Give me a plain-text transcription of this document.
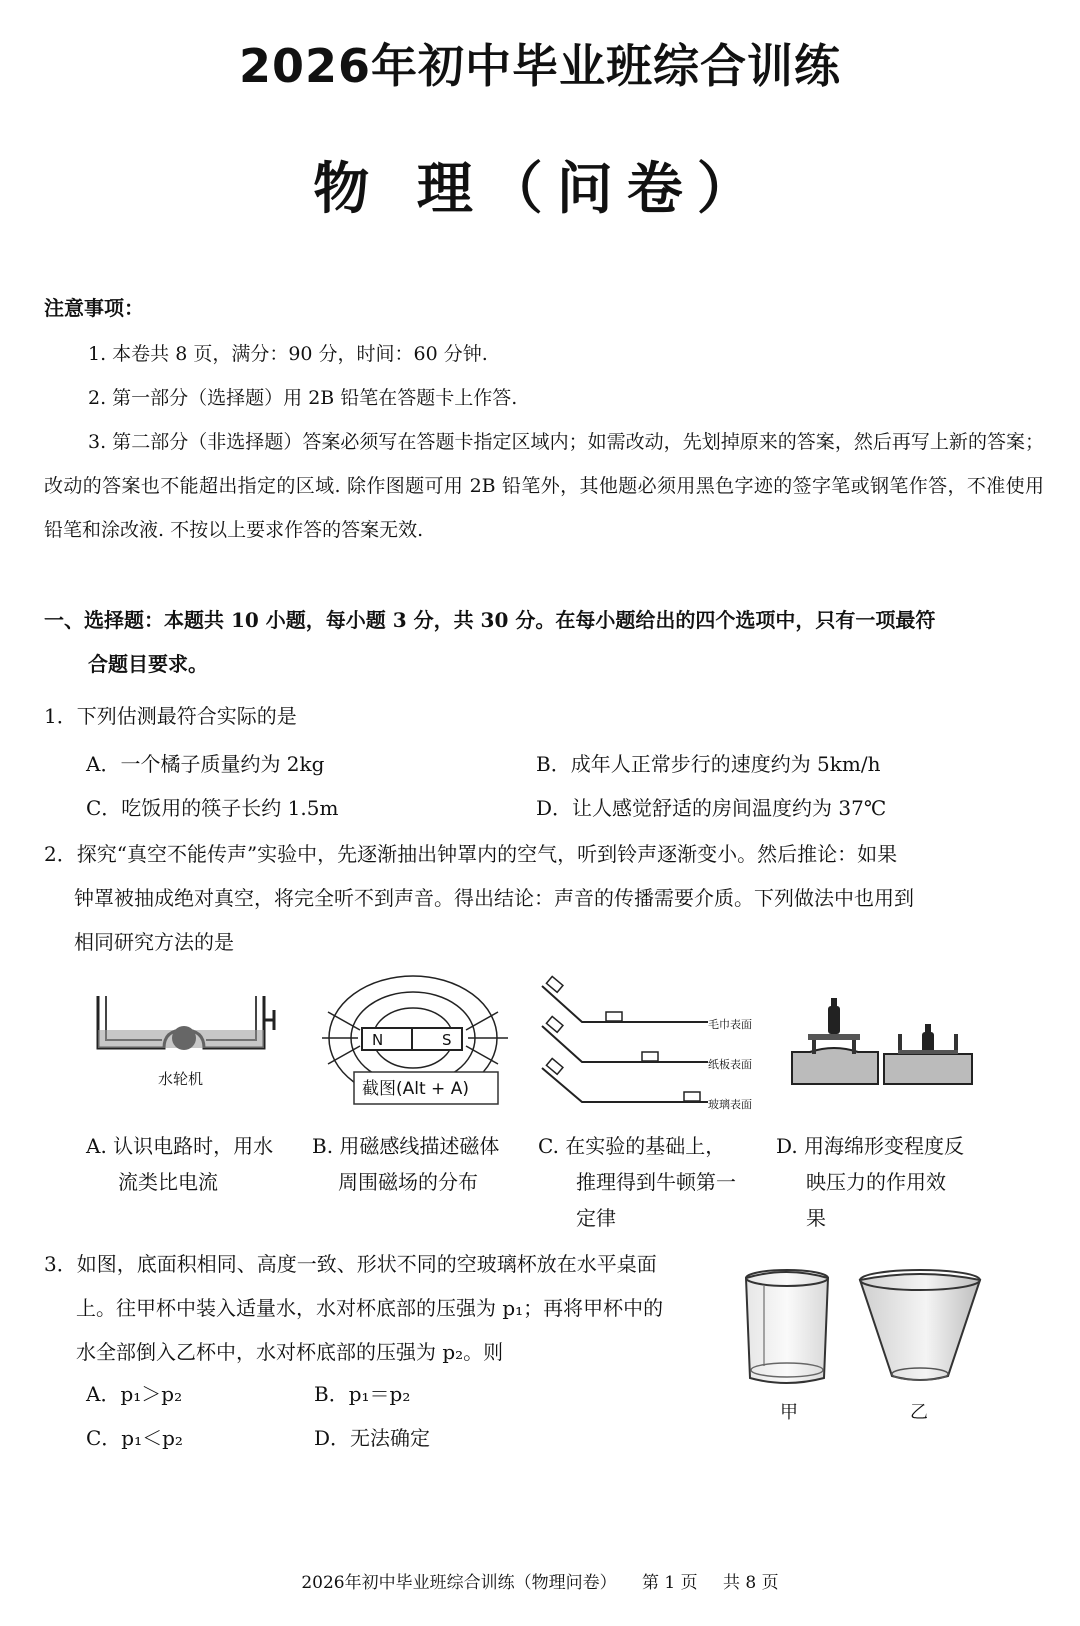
2026年初中毕业班综合训练
物 理（问卷）
注意事项：
1. 本卷共 8 页，满分：90 分，时间：60 分钟.
2. 第一部分（选择题）用 2B 铅笔在答题卡上作答.
3. 第二部分（非选择题）答案必须写在答题卡指定区域内；如需改动，先划掉原来的答案，然后再写上新的答案；改动的答案也不能超出指定的区域. 除作图题可用 2B 铅笔外，其他题必须用黑色字迹的签字笔或钢笔作答，不准使用铅笔和涂改液. 不按以上要求作答的答案无效.
一、选择题：本题共 10 小题，每小题 3 分，共 30 分。在每小题给出的四个选项中，只有一项最符
合题目要求。
1．下列估测最符合实际的是
A．一个橘子质量约为 2kg	B．成年人正常步行的速度约为 5km/h
C．吃饭用的筷子长约 1.5m	D．让人感觉舒适的房间温度约为 37℃
2．探究“真空不能传声”实验中，先逐渐抽出钟罩内的空气，听到铃声逐渐变小。然后推论：如果
钟罩被抽成绝对真空，将完全听不到声音。得出结论：声音的传播需要介质。下列做法中也用到
相同研究方法的是
水轮机
N	S
截图(Alt + A)
毛巾表面
纸板表面
玻璃表面
A. 认识电路时，用水
流类比电流
B. 用磁感线描述磁体
周围磁场的分布
C. 在实验的基础上，
推理得到牛顿第一
定律
D. 用海绵形变程度反
映压力的作用效
果
3．如图，底面积相同、高度一致、形状不同的空玻璃杯放在水平桌面
上。往甲杯中装入适量水，水对杯底部的压强为 p₁；再将甲杯中的
水全部倒入乙杯中，水对杯底部的压强为 p₂。则
A．p₁＞p₂	B．p₁＝p₂
C．p₁＜p₂	D．无法确定
甲	乙
2026年初中毕业班综合训练（物理问卷） 第 1 页 共 8 页
